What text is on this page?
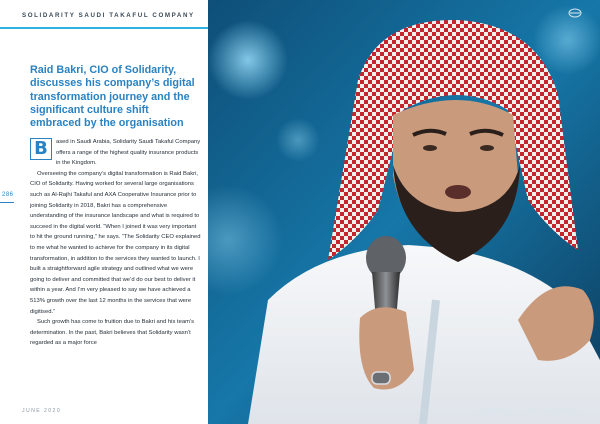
SOLIDARITY SAUDI TAKAFUL COMPANY
Raid Bakri, CIO of Solidarity, discusses his company’s digital transformation journey and the significant culture shift embraced by the organisation

B	ased in Saudi Arabia, Solidarity Saudi Takaful Company offers a range of the highest quality insurance products in the Kingdom.

Overseeing the company’s digital transformation is Raid Bakri, CIO of Solidarity. Having worked for several large organisations such as Al-Rajhi Takaful and AXA Cooperative Insurance prior to joining Solidarity in 2018, Bakri has a comprehensive understanding of the insurance landscape and what is required to succeed in the digital world. “When I joined it was very important to hit the ground running,” he says. “The Solidarity CEO explained to me what he wanted to achieve for the company in its digital transformation, in addition to the services they wanted to launch. I built a straightforward agile strategy and outlined what we were going to deliver and committed that we’d do our best to deliver it within a year. And I’m very pleased to say we have achieved a 513% growth over the last 12 months in the services that were digitised.”

Such growth has come to fruition due to Bakri and his team’s determination. In the past, Bakri believes that Solidarity wasn’t regarded as a major force

286
JUNE 2020	INSURANCE • DIGITALISATION
